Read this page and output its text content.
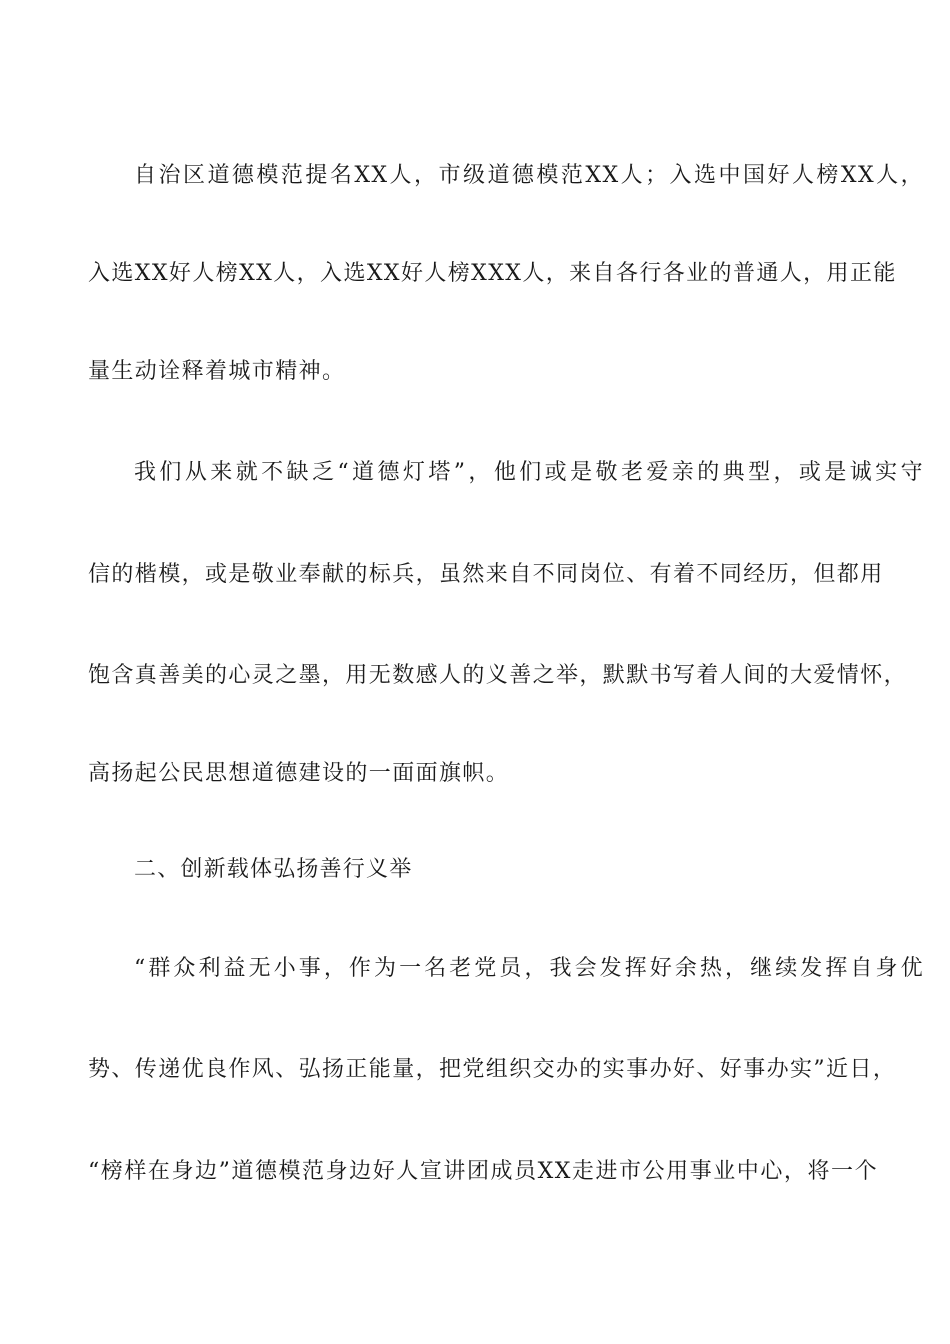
自治区道德模范提名XX人，市级道德模范XX人；入选中国好人榜XX人，
入选XX好人榜XX人，入选XX好人榜XXX人，来自各行各业的普通人，用正能
量生动诠释着城市精神。
我们从来就不缺乏“道德灯塔”，他们或是敬老爱亲的典型，或是诚实守
信的楷模，或是敬业奉献的标兵，虽然来自不同岗位、有着不同经历，但都用
饱含真善美的心灵之墨，用无数感人的义善之举，默默书写着人间的大爱情怀，
高扬起公民思想道德建设的一面面旗帜。
二、创新载体弘扬善行义举
“群众利益无小事，作为一名老党员，我会发挥好余热，继续发挥自身优
势、传递优良作风、弘扬正能量，把党组织交办的实事办好、好事办实”近日，
“榜样在身边”道德模范身边好人宣讲团成员XX走进市公用事业中心，将一个
